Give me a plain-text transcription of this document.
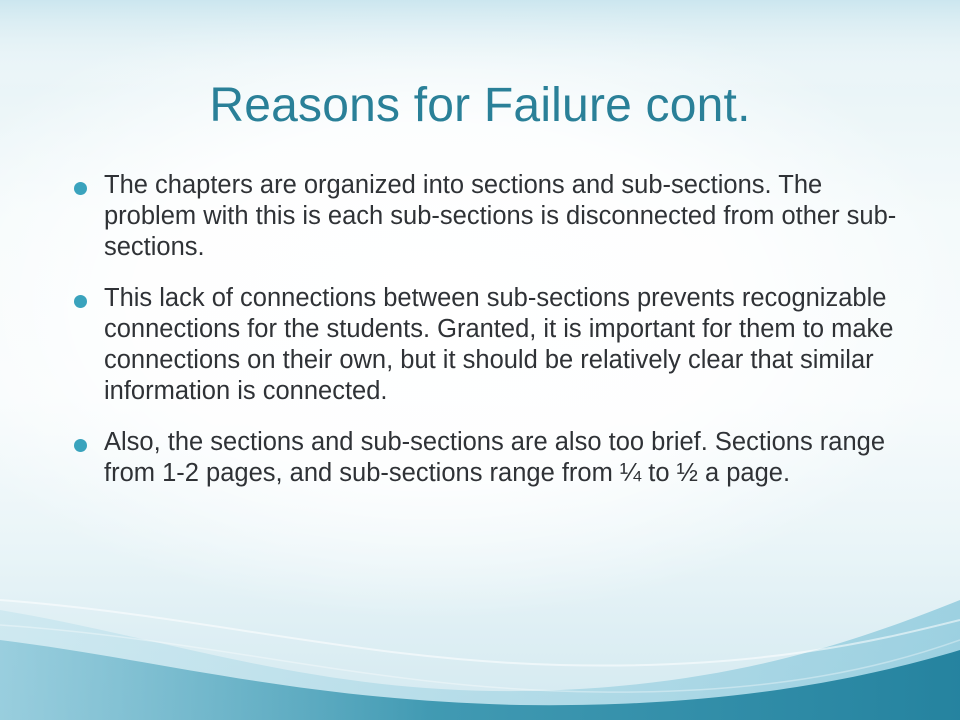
Reasons for Failure cont.

The chapters are organized into sections and sub-sections. The problem with this is each sub-sections is disconnected from other sub-sections.

This lack of connections between sub-sections prevents recognizable connections for the students. Granted, it is important for them to make connections on their own, but it should be relatively clear that similar information is connected.

Also, the sections and sub-sections are also too brief. Sections range from 1-2 pages, and sub-sections range from ¼ to ½ a page.
